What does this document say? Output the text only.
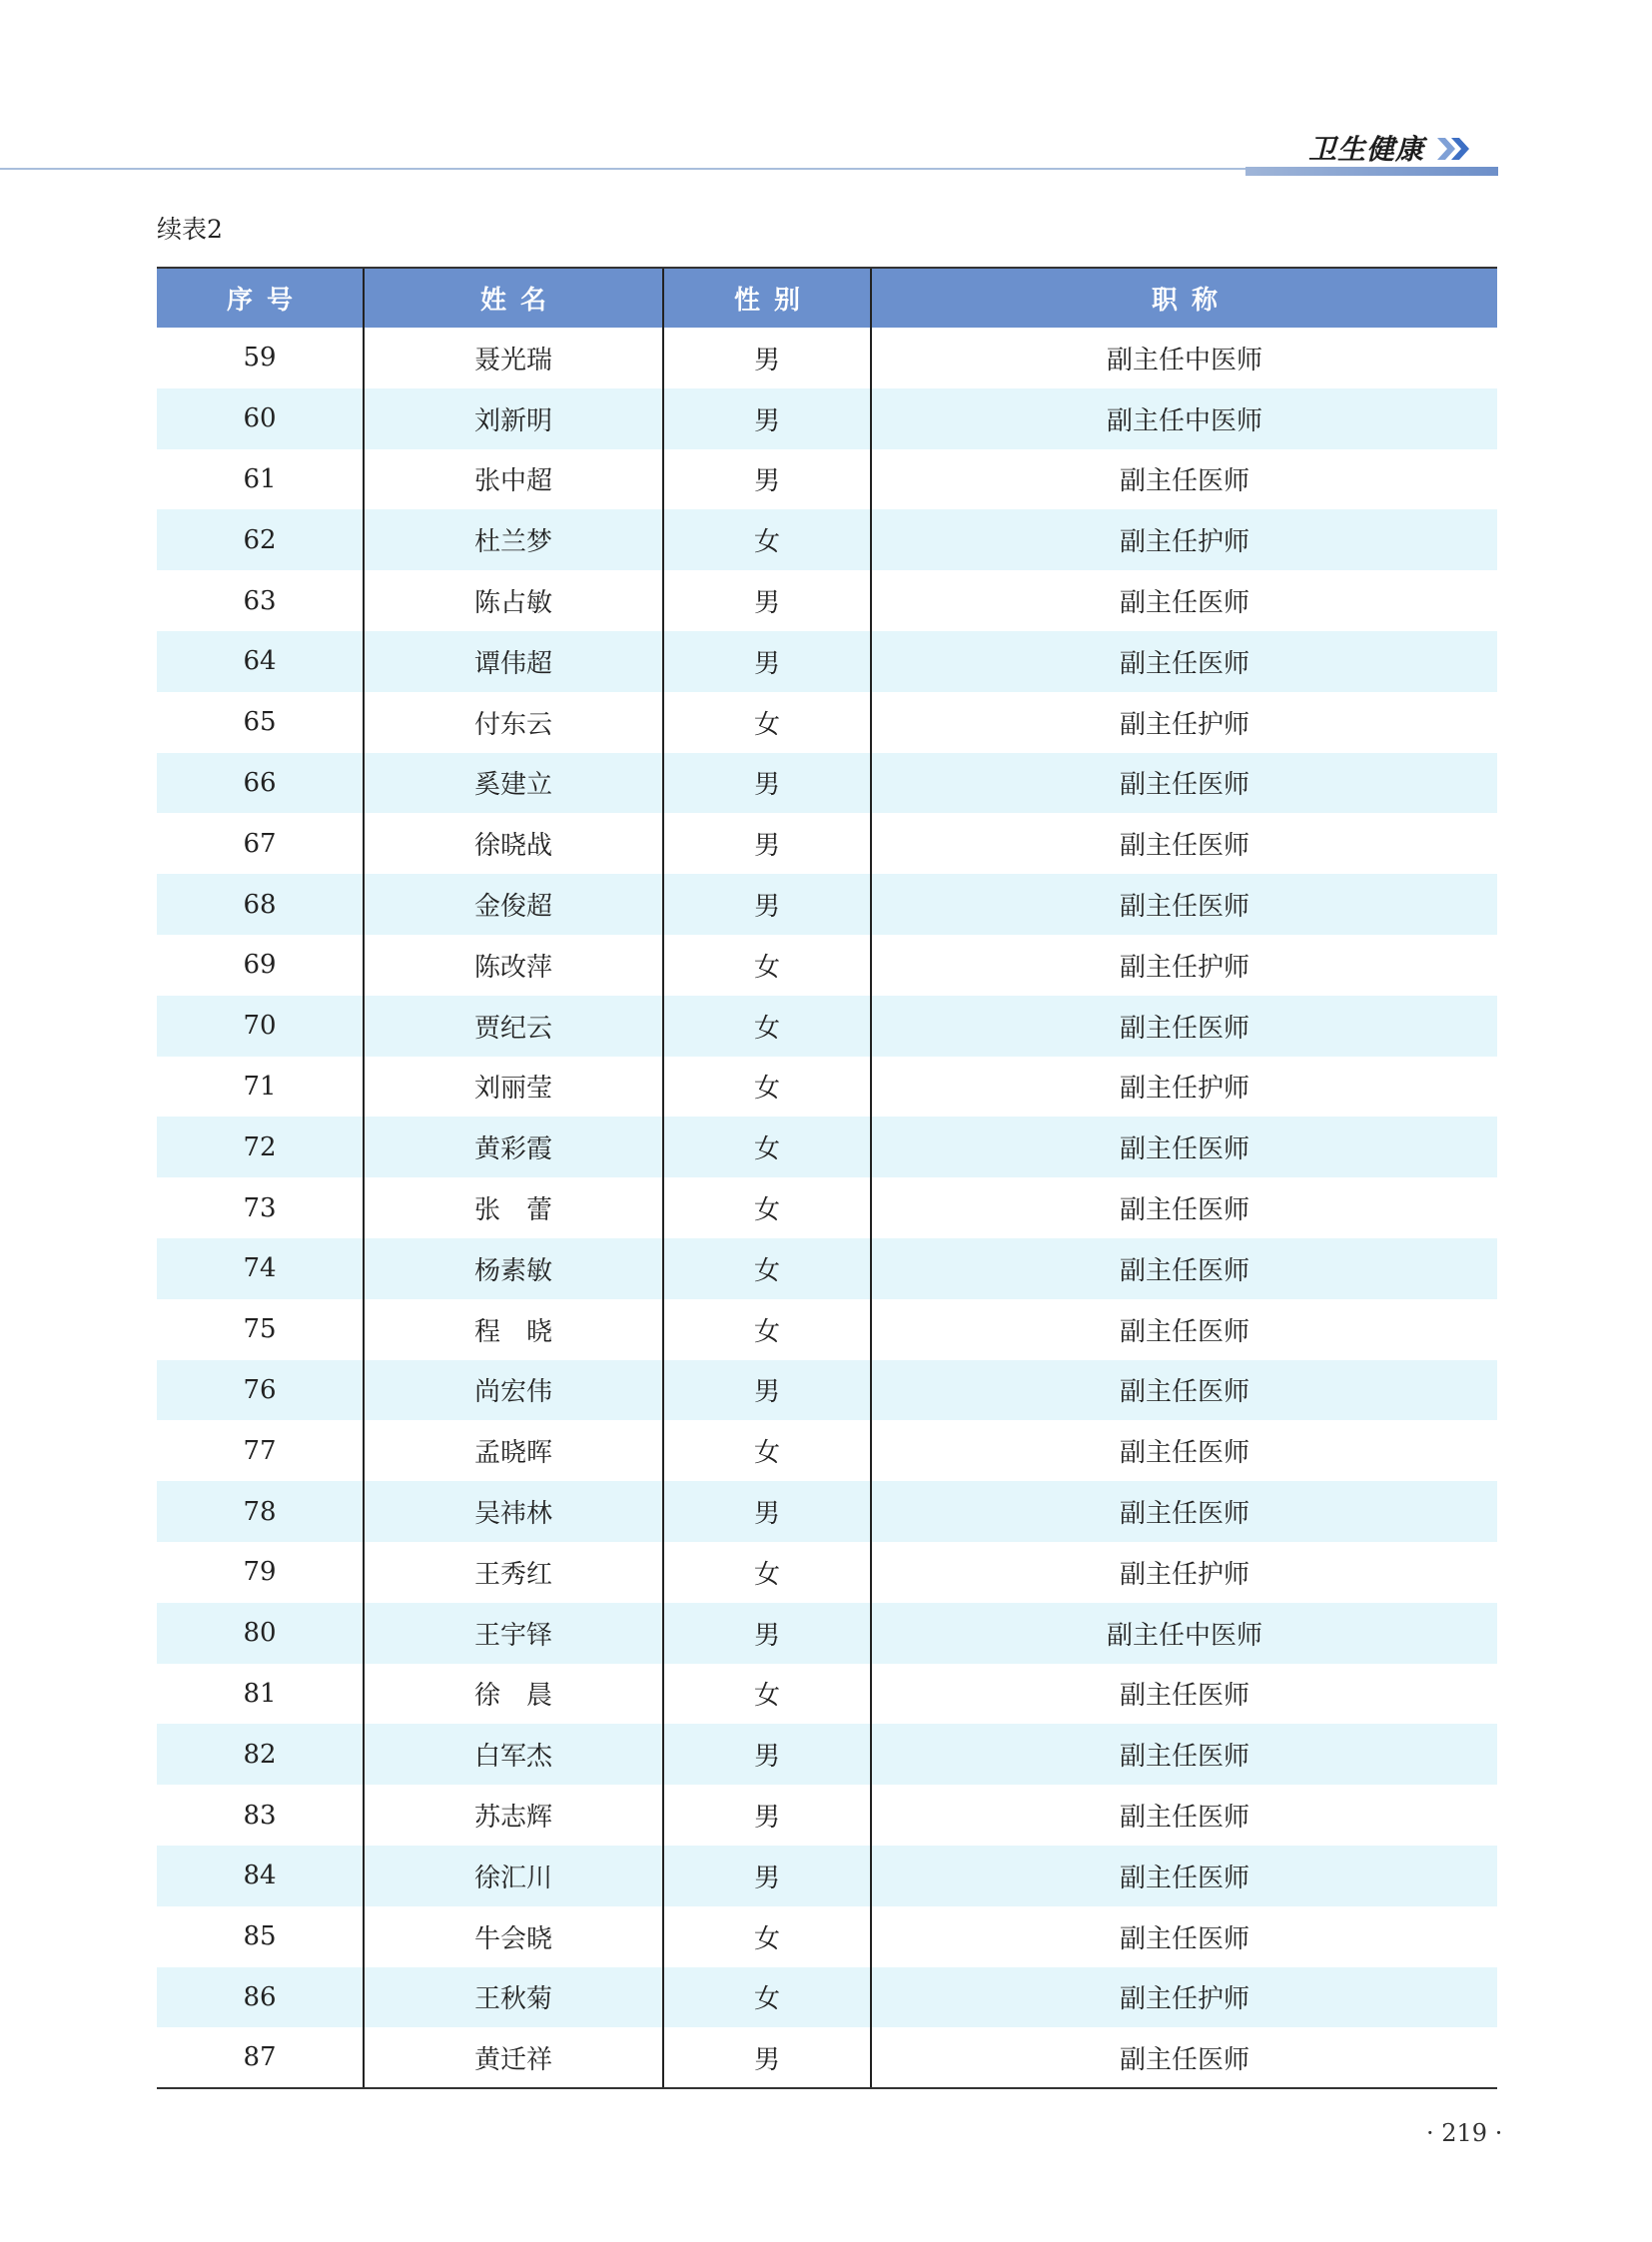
卫生健康
续表2
序号	姓名	性别	职称
59	聂光瑞	男	副主任中医师
60	刘新明	男	副主任中医师
61	张中超	男	副主任医师
62	杜兰梦	女	副主任护师
63	陈占敏	男	副主任医师
64	谭伟超	男	副主任医师
65	付东云	女	副主任护师
66	奚建立	男	副主任医师
67	徐晓战	男	副主任医师
68	金俊超	男	副主任医师
69	陈改萍	女	副主任护师
70	贾纪云	女	副主任医师
71	刘丽莹	女	副主任护师
72	黄彩霞	女	副主任医师
73	张　蕾	女	副主任医师
74	杨素敏	女	副主任医师
75	程　晓	女	副主任医师
76	尚宏伟	男	副主任医师
77	孟晓晖	女	副主任医师
78	吴祎林	男	副主任医师
79	王秀红	女	副主任护师
80	王宇铎	男	副主任中医师
81	徐　晨	女	副主任医师
82	白军杰	男	副主任医师
83	苏志辉	男	副主任医师
84	徐汇川	男	副主任医师
85	牛会晓	女	副主任医师
86	王秋菊	女	副主任护师
87	黄迁祥	男	副主任医师
· 219 ·
